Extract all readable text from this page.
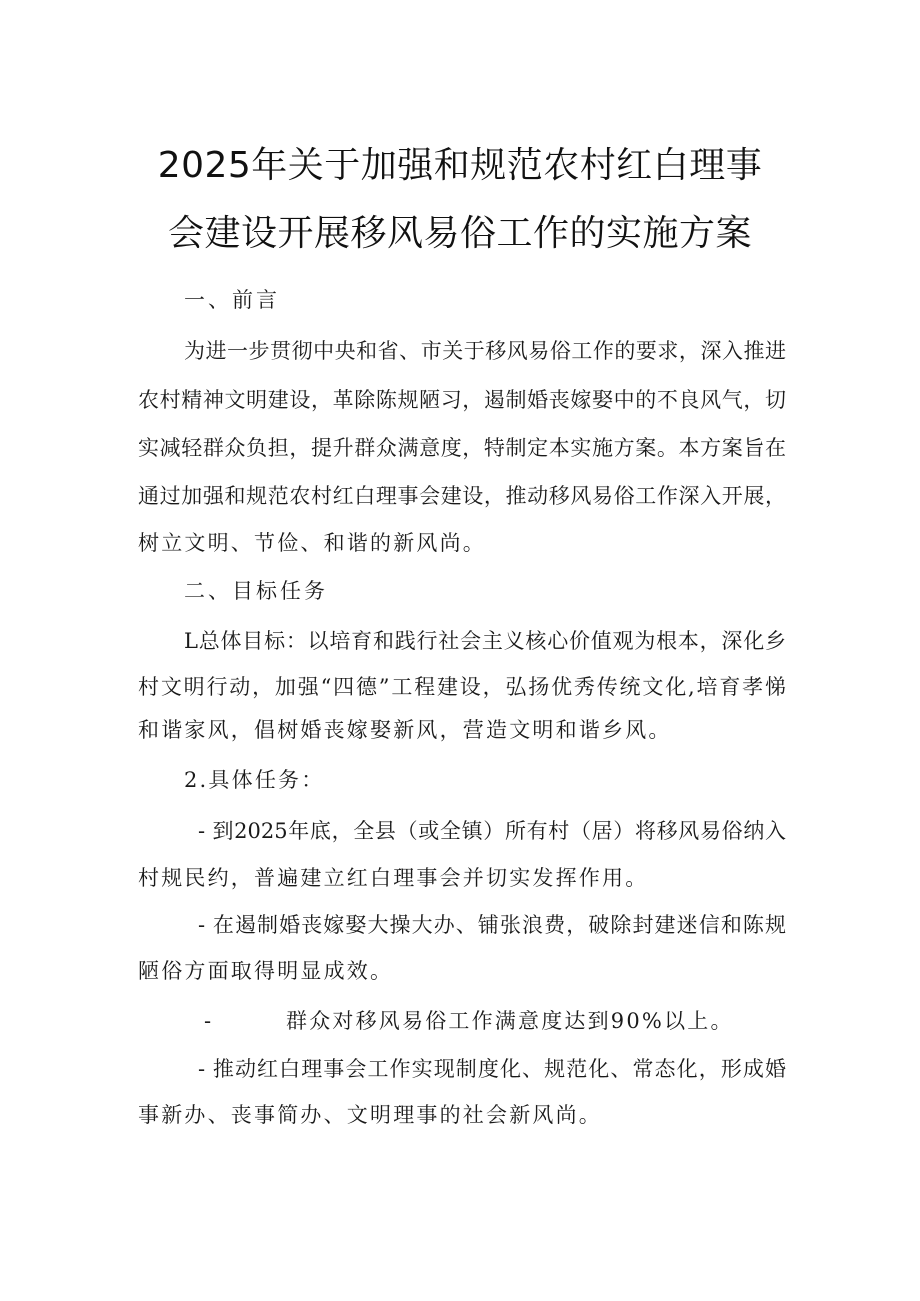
2025年关于加强和规范农村红白理事
会建设开展移风易俗工作的实施方案
一、前言
为进一步贯彻中央和省、市关于移风易俗工作的要求，深入推进
农村精神文明建设，革除陈规陋习，遏制婚丧嫁娶中的不良风气，切
实减轻群众负担，提升群众满意度，特制定本实施方案。本方案旨在
通过加强和规范农村红白理事会建设，推动移风易俗工作深入开展，
树立文明、节俭、和谐的新风尚。
二、目标任务
L总体目标：以培育和践行社会主义核心价值观为根本，深化乡
村文明行动，加强“四德”工程建设，弘扬优秀传统文化,培育孝悌
和谐家风，倡树婚丧嫁娶新风，营造文明和谐乡风。
2.具体任务：
- 到2025年底，全县（或全镇）所有村（居）将移风易俗纳入
村规民约，普遍建立红白理事会并切实发挥作用。
- 在遏制婚丧嫁娶大操大办、铺张浪费，破除封建迷信和陈规
陋俗方面取得明显成效。
-	群众对移风易俗工作满意度达到90%以上。
- 推动红白理事会工作实现制度化、规范化、常态化，形成婚
事新办、丧事简办、文明理事的社会新风尚。
